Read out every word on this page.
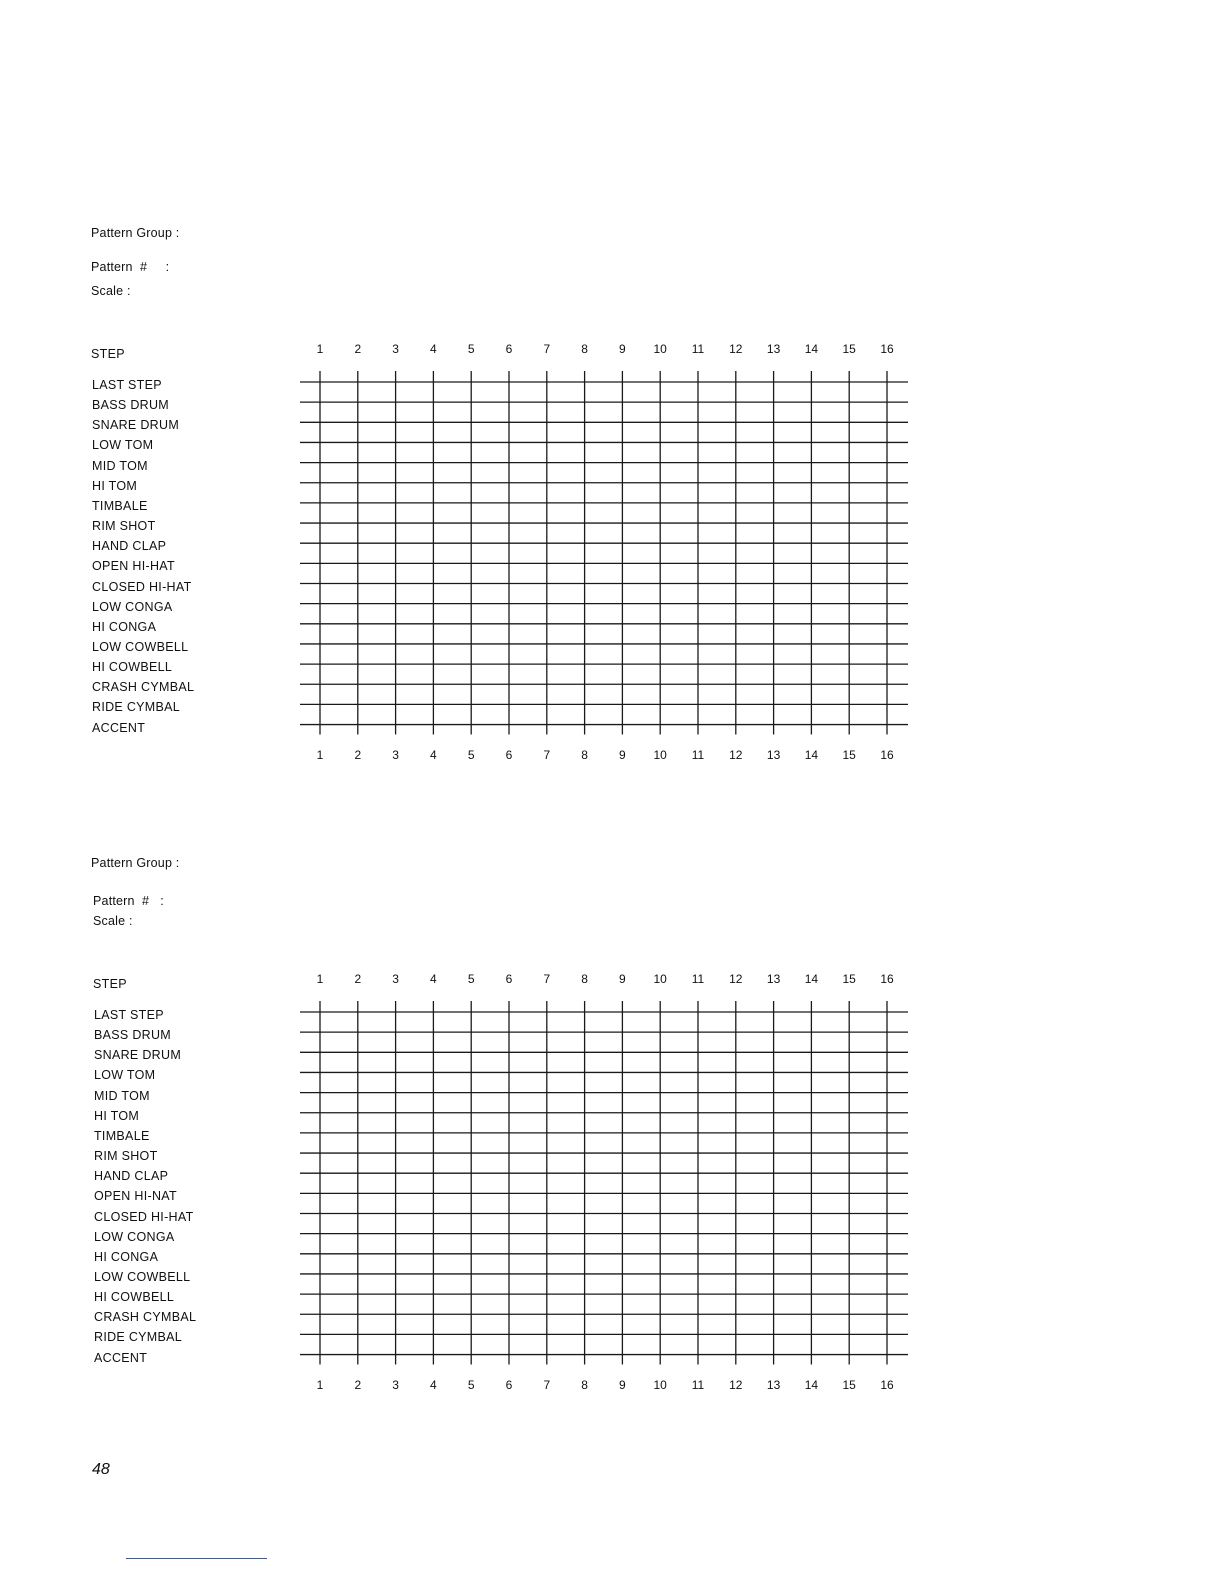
Pattern Group :
Pattern  #     :
Scale :
STEP
LAST STEP
BASS DRUM
SNARE DRUM
LOW TOM
MID TOM
HI TOM
TIMBALE
RIM SHOT
HAND CLAP
OPEN HI-HAT
CLOSED HI-HAT
LOW CONGA
HI CONGA
LOW COWBELL
HI COWBELL
CRASH CYMBAL
RIDE CYMBAL
ACCENT
1	2	3	4	5	6	7	8	9	10	11	12	13	14	15	16
1	2	3	4	5	6	7	8	9	10	11	12	13	14	15	16
Pattern Group :
Pattern  #   :
Scale :
STEP
LAST STEP
BASS DRUM
SNARE DRUM
LOW TOM
MID TOM
HI TOM
TIMBALE
RIM SHOT
HAND CLAP
OPEN HI-NAT
CLOSED HI-HAT
LOW CONGA
HI CONGA
LOW COWBELL
HI COWBELL
CRASH CYMBAL
RIDE CYMBAL
ACCENT
1	2	3	4	5	6	7	8	9	10	11	12	13	14	15	16
1	2	3	4	5	6	7	8	9	10	11	12	13	14	15	16
48
